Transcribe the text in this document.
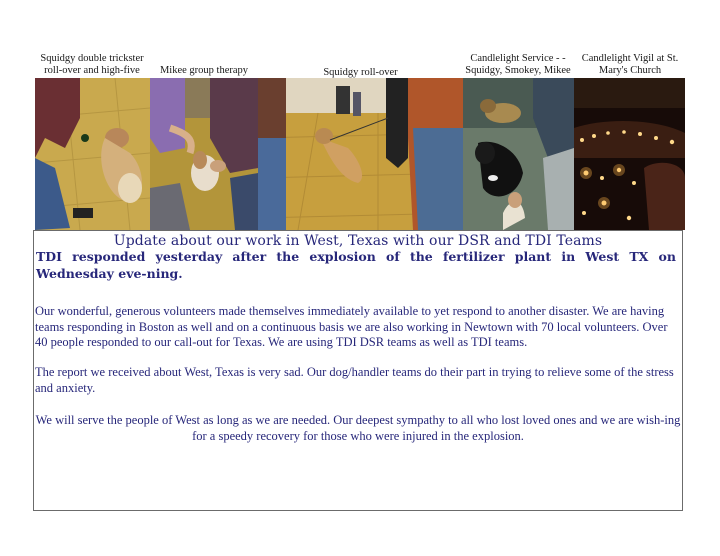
Squidgy double trickster
roll-over and high-five	Mikee group therapy	Squidgy roll-over
Candlelight Service - -
Squidgy, Smokey, Mikee
Candlelight Vigil at St.
Mary's Church
Update about our work in West, Texas with our DSR and TDI Teams
TDI responded yesterday after the explosion of the fertilizer plant in West TX on Wednesday eve-ning.
Our wonderful, generous volunteers made themselves immediately available to yet respond to another disaster. We are having teams responding in Boston as well and on a continuous basis we are also working in Newtown with 70 local volunteers. Over 40 people responded to our call-out for Texas. We are using TDI DSR teams as well as TDI teams.
The report we received about West, Texas is very sad. Our dog/handler teams do their part in trying to relieve some of the stress and anxiety.
We will serve the people of West as long as we are needed. Our deepest sympathy to all who lost loved ones and we are wish-ing for a speedy recovery for those who were injured in the explosion.
